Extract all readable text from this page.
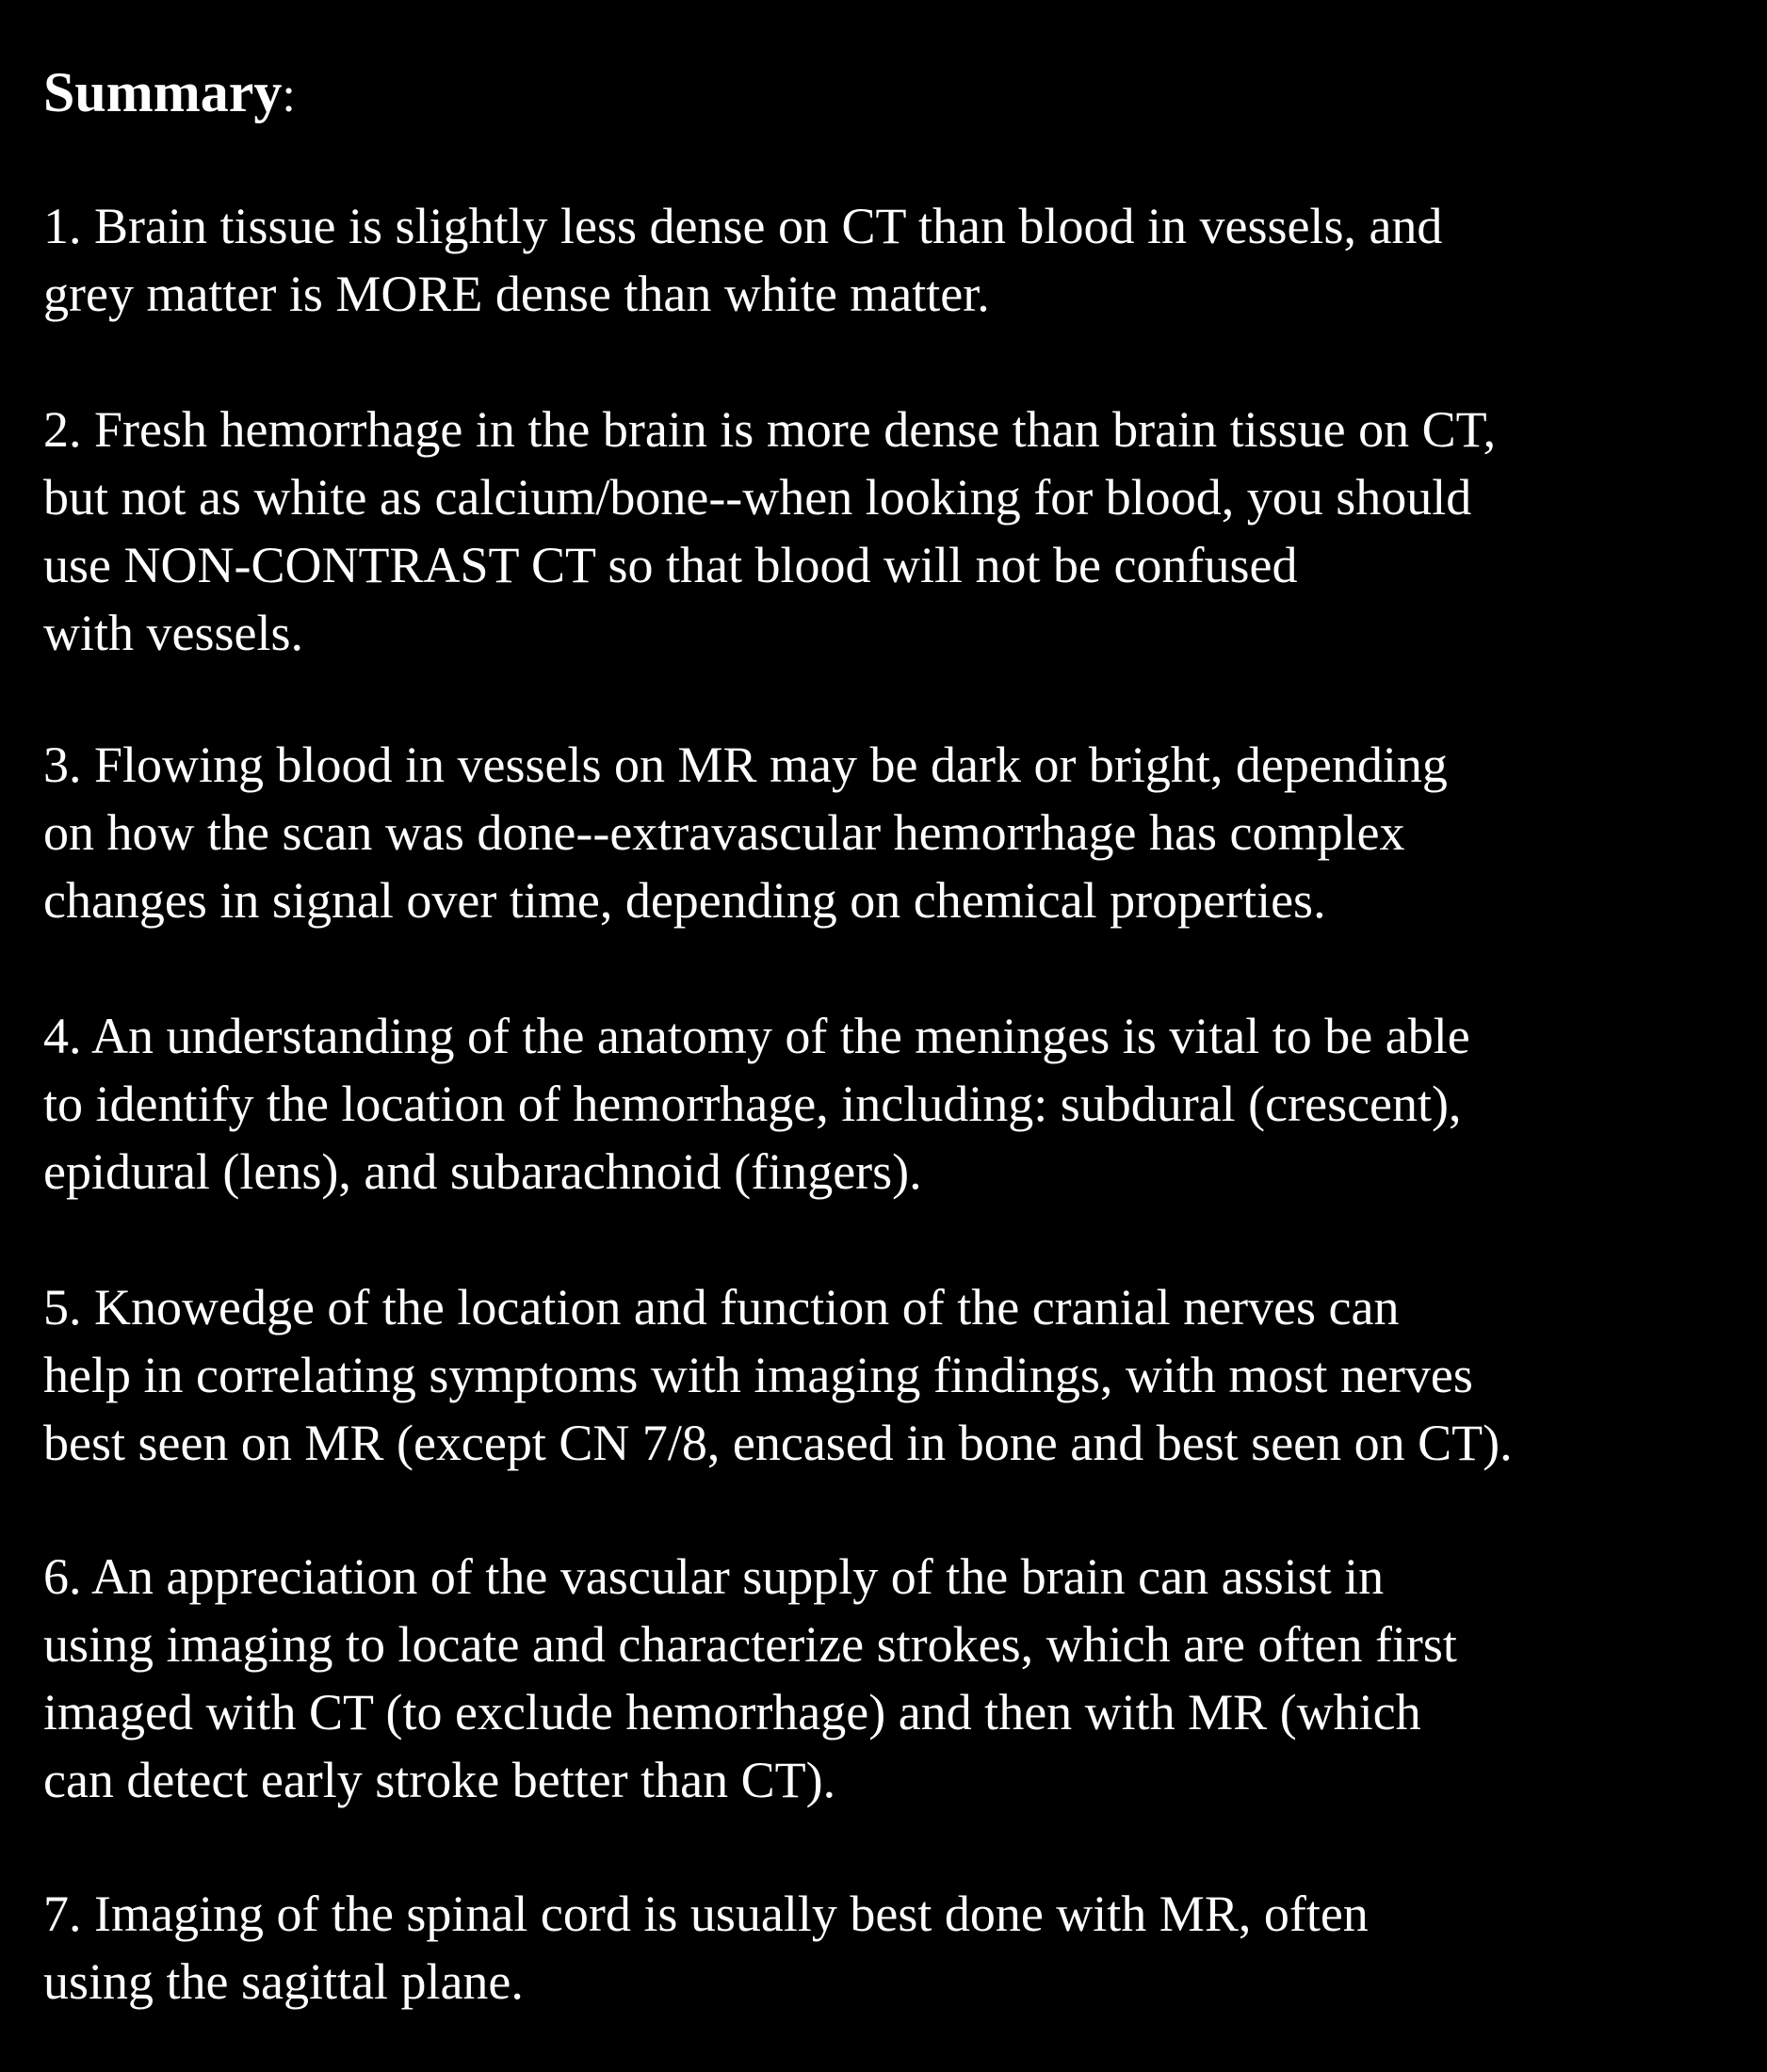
Summary:

1. Brain tissue is slightly less dense on CT than blood in vessels, and
grey matter is MORE dense than white matter.

2. Fresh hemorrhage in the brain is more dense than brain tissue on CT,
but not as white as calcium/bone--when looking for blood, you should
use NON-CONTRAST CT so that blood will not be confused
with vessels.

3. Flowing blood in vessels on MR may be dark or bright, depending
on how the scan was done--extravascular hemorrhage has complex
changes in signal over time, depending on chemical properties.

4. An understanding of the anatomy of the meninges is vital to be able
to identify the location of hemorrhage, including: subdural (crescent),
epidural (lens), and subarachnoid (fingers).

5. Knowedge of the location and function of the cranial nerves can
help in correlating symptoms with imaging findings, with most nerves
best seen on MR (except CN 7/8, encased in bone and best seen on CT).

6. An appreciation of the vascular supply of the brain can assist in
using imaging to locate and characterize strokes, which are often first
imaged with CT (to exclude hemorrhage) and then with MR (which
can detect early stroke better than CT).

7. Imaging of the spinal cord is usually best done with MR, often
using the sagittal plane.
